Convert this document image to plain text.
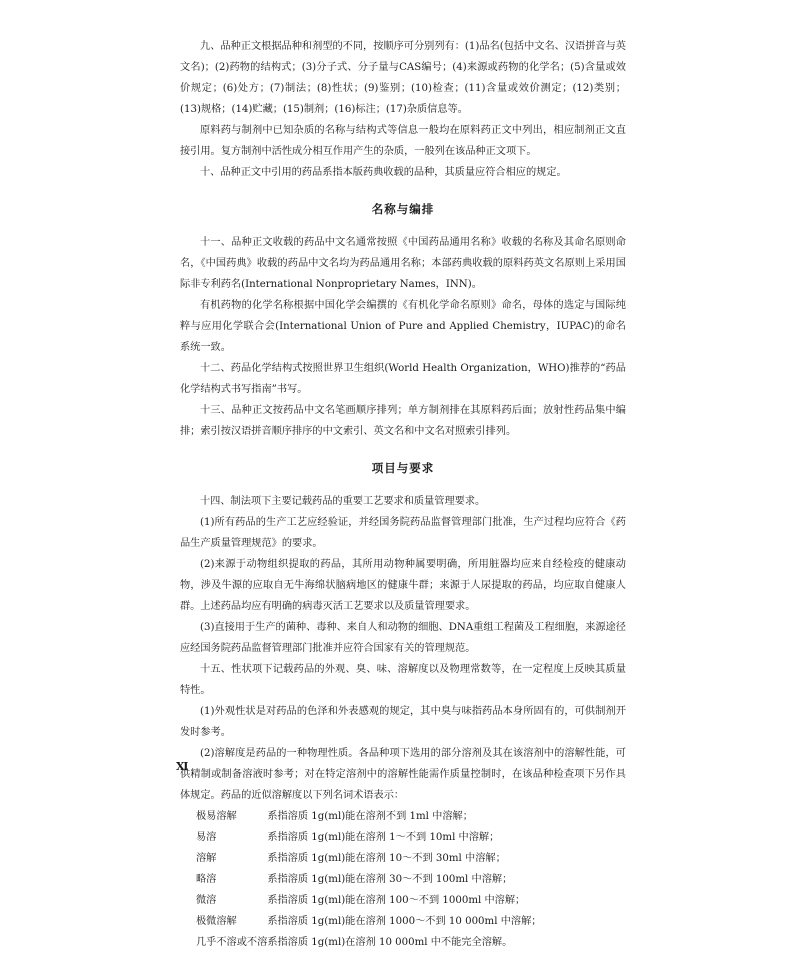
九、品种正文根据品种和剂型的不同，按顺序可分别列有：(1)品名(包括中文名、汉语拼音与英文名)；(2)药物的结构式；(3)分子式、分子量与CAS编号；(4)来源或药物的化学名；(5)含量或效价规定；(6)处方；(7)制法；(8)性状；(9)鉴别；(10)检查；(11)含量或效价测定；(12)类别；(13)规格；(14)贮藏；(15)制剂；(16)标注；(17)杂质信息等。

原料药与制剂中已知杂质的名称与结构式等信息一般均在原料药正文中列出，相应制剂正文直接引用。复方制剂中活性成分相互作用产生的杂质，一般列在该品种正文项下。

十、品种正文中引用的药品系指本版药典收载的品种，其质量应符合相应的规定。

名称与编排

十一、品种正文收载的药品中文名通常按照《中国药品通用名称》收载的名称及其命名原则命名，《中国药典》收载的药品中文名均为药品通用名称；本部药典收载的原料药英文名原则上采用国际非专利药名(International Nonproprietary Names，INN)。

有机药物的化学名称根据中国化学会编撰的《有机化学命名原则》命名，母体的选定与国际纯粹与应用化学联合会(International Union of Pure and Applied Chemistry，IUPAC)的命名系统一致。

十二、药品化学结构式按照世界卫生组织(World Health Organization，WHO)推荐的“药品化学结构式书写指南”书写。

十三、品种正文按药品中文名笔画顺序排列；单方制剂排在其原料药后面；放射性药品集中编排；索引按汉语拼音顺序排序的中文索引、英文名和中文名对照索引排列。

项目与要求

十四、制法项下主要记载药品的重要工艺要求和质量管理要求。

(1)所有药品的生产工艺应经验证，并经国务院药品监督管理部门批准，生产过程均应符合《药品生产质量管理规范》的要求。

(2)来源于动物组织提取的药品，其所用动物种属要明确，所用脏器均应来自经检疫的健康动物，涉及牛源的应取自无牛海绵状脑病地区的健康牛群；来源于人尿提取的药品，均应取自健康人群。上述药品均应有明确的病毒灭活工艺要求以及质量管理要求。

(3)直接用于生产的菌种、毒种、来自人和动物的细胞、DNA重组工程菌及工程细胞，来源途径应经国务院药品监督管理部门批准并应符合国家有关的管理规范。

十五、性状项下记载药品的外观、臭、味、溶解度以及物理常数等，在一定程度上反映其质量特性。

(1)外观性状是对药品的色泽和外表感观的规定，其中臭与味指药品本身所固有的，可供制剂开发时参考。

(2)溶解度是药品的一种物理性质。各品种项下选用的部分溶剂及其在该溶剂中的溶解性能，可供精制或制备溶液时参考；对在特定溶剂中的溶解性能需作质量控制时，在该品种检查项下另作具体规定。药品的近似溶解度以下列名词术语表示：

极易溶解	系指溶质 1g(ml)能在溶剂不到 1ml 中溶解；
易溶	系指溶质 1g(ml)能在溶剂 1～不到 10ml 中溶解；
溶解	系指溶质 1g(ml)能在溶剂 10～不到 30ml 中溶解；
略溶	系指溶质 1g(ml)能在溶剂 30～不到 100ml 中溶解；
微溶	系指溶质 1g(ml)能在溶剂 100～不到 1000ml 中溶解；
极微溶解	系指溶质 1g(ml)能在溶剂 1000～不到 10 000ml 中溶解；
几乎不溶或不溶	系指溶质 1g(ml)在溶剂 10 000ml 中不能完全溶解。
Ⅺ
